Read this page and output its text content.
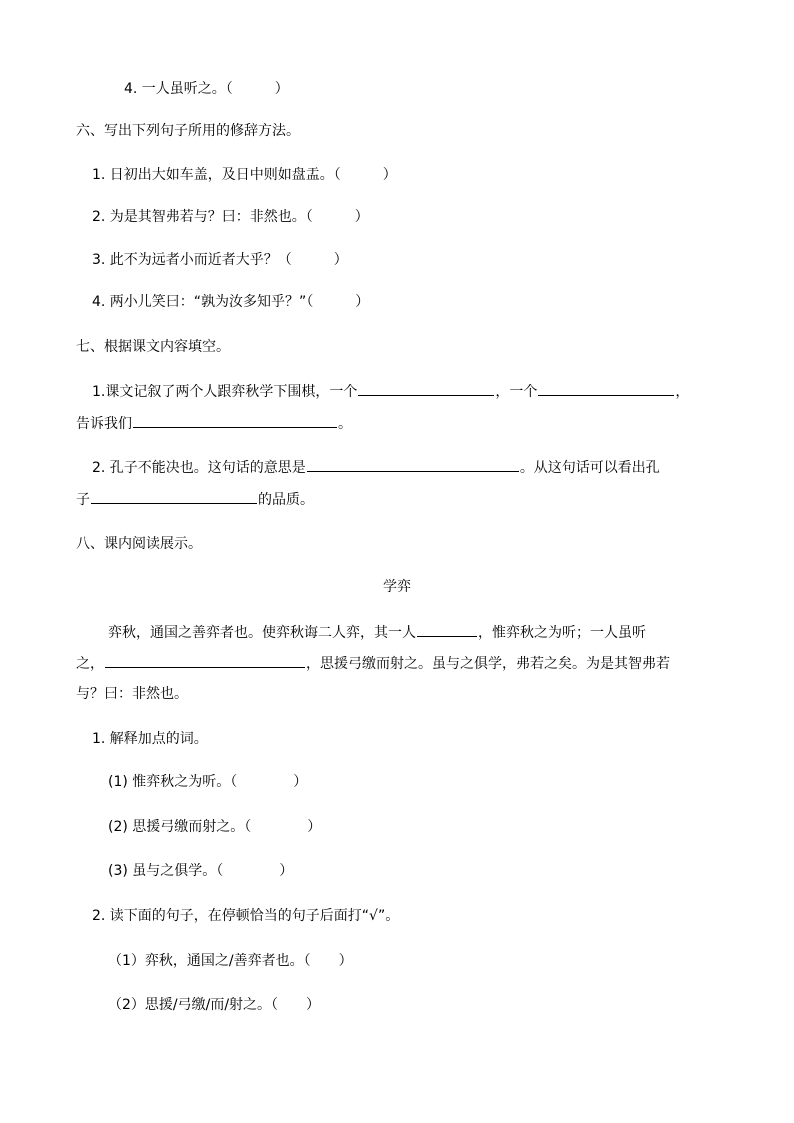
4. 一人虽听之。（　　　）
六、写出下列句子所用的修辞方法。
1. 日初出大如车盖，及日中则如盘盂。（　　　）
2. 为是其智弗若与？曰：非然也。（　　　）
3. 此不为远者小而近者大乎？（　　　）
4. 两小儿笑曰：“孰为汝多知乎？”（　　　）
七、根据课文内容填空。
1.课文记叙了两个人跟弈秋学下围棋，一个	，一个	，
告诉我们	。
2. 孔子不能决也。这句话的意思是	。从这句话可以看出孔
子	的品质。
八、课内阅读展示。
学弈
弈秋，通国之善弈者也。使弈秋诲二人弈，其一人	，惟弈秋之为听；一人虽听
之，	，思援弓缴而射之。虽与之俱学，弗若之矣。为是其智弗若
与？曰：非然也。
1. 解释加点的词。
(1) 惟弈秋之为听。（　　　　）
(2) 思援弓缴而射之。（　　　　）
(3) 虽与之俱学。（　　　　）
2. 读下面的句子，在停顿恰当的句子后面打“√”。
（1）弈秋，通国之/善弈者也。（　　）
（2）思援/弓缴/而/射之。（　　）
